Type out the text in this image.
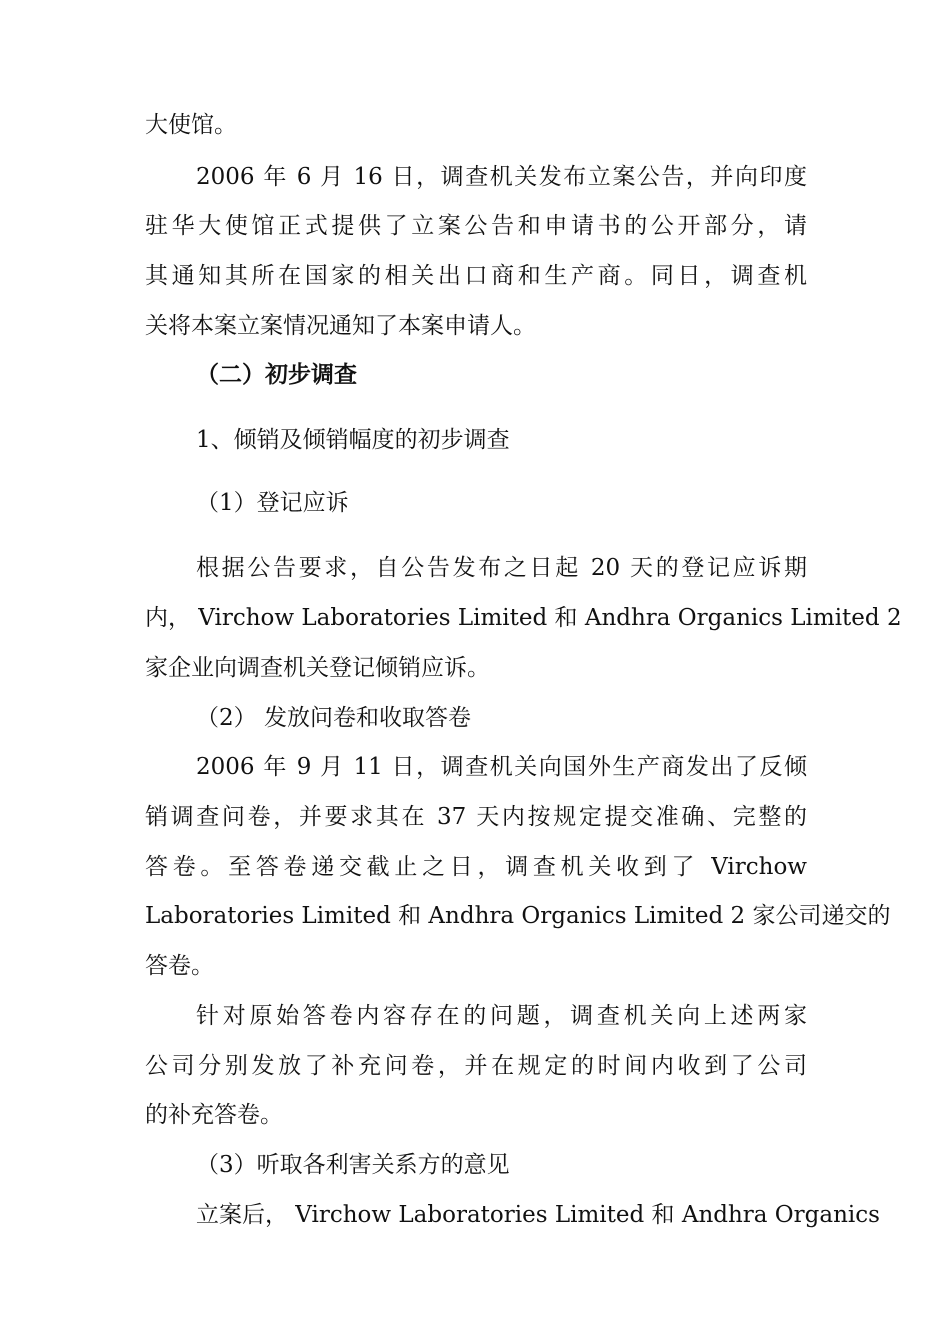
大使馆。
2006 年 6 月 16 日，调查机关发布立案公告，并向印度
驻华大使馆正式提供了立案公告和申请书的公开部分，请
其通知其所在国家的相关出口商和生产商。同日，调查机
关将本案立案情况通知了本案申请人。
（二）初步调查
1、倾销及倾销幅度的初步调查
（1）登记应诉
根据公告要求，自公告发布之日起 20 天的登记应诉期
内， Virchow Laboratories Limited 和 Andhra Organics Limited 2
家企业向调查机关登记倾销应诉。
（2） 发放问卷和收取答卷
2006 年 9 月 11 日，调查机关向国外生产商发出了反倾
销调查问卷，并要求其在 37 天内按规定提交准确、完整的
答卷。至答卷递交截止之日，调查机关收到了 Virchow
Laboratories Limited 和 Andhra Organics Limited 2 家公司递交的
答卷。
针对原始答卷内容存在的问题，调查机关向上述两家
公司分别发放了补充问卷，并在规定的时间内收到了公司
的补充答卷。
（3）听取各利害关系方的意见
立案后， Virchow Laboratories Limited 和 Andhra Organics
